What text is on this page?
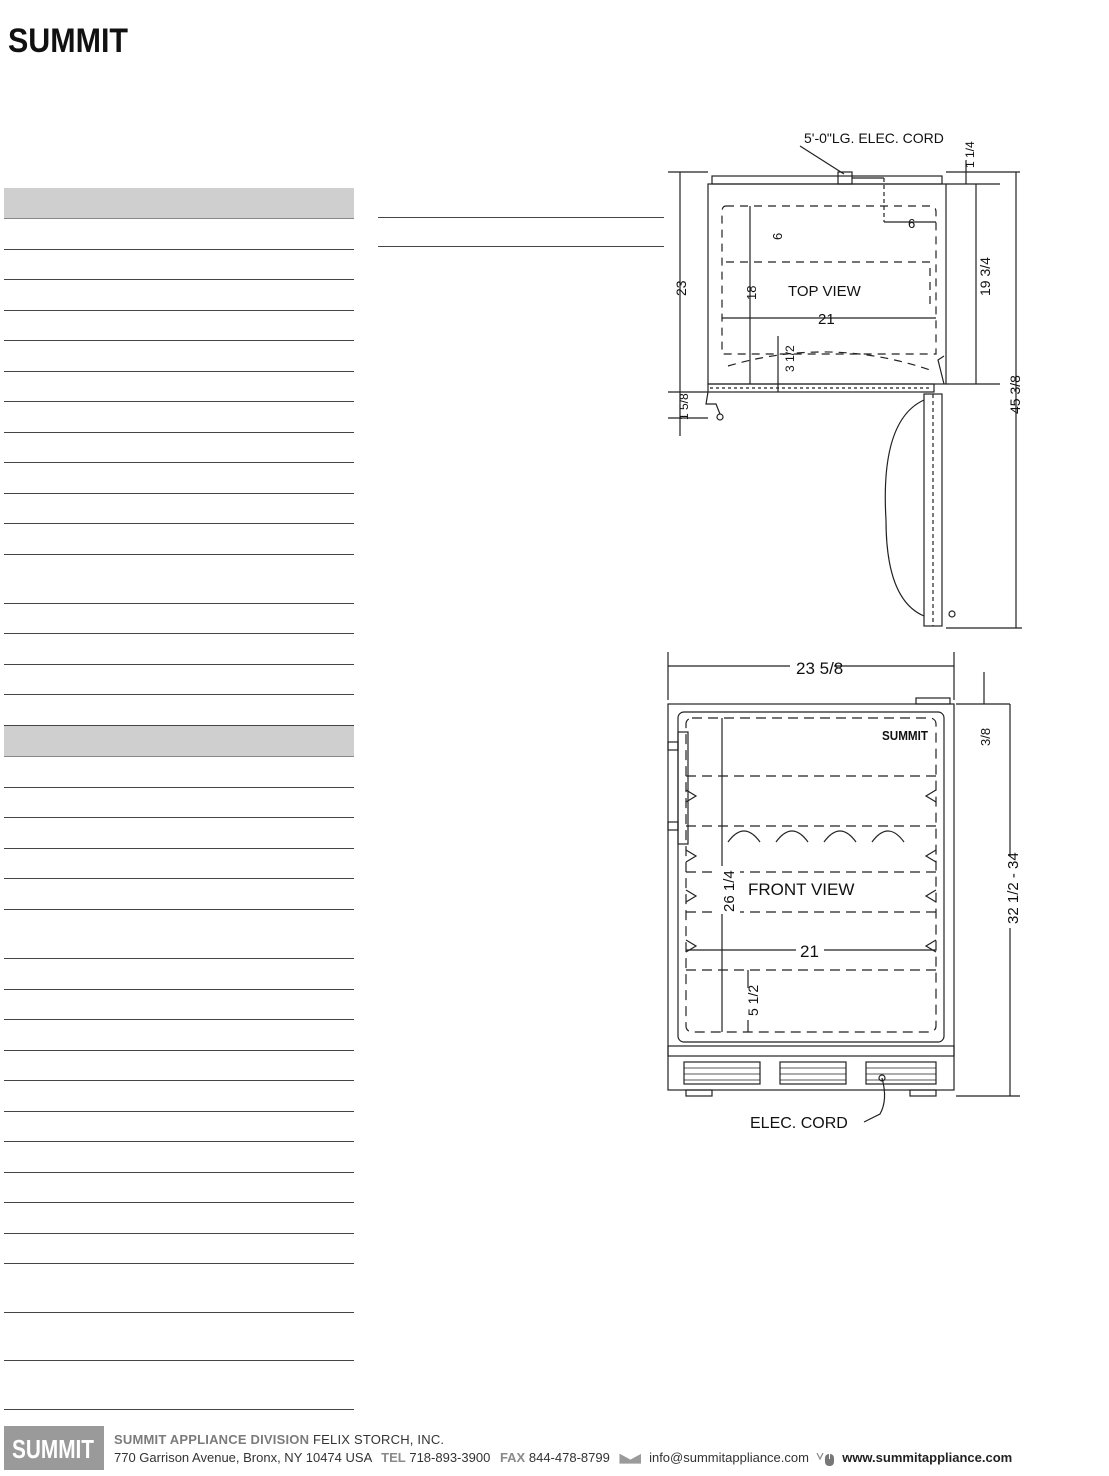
SUMMIT
5'-0"LG. ELEC. CORD
6
6
18 TOP VIEW
21
3 1/2
23
1 5/8
1 1/4
19 3/4
45 3/8
23 5/8
SUMMIT
26 1/4 FRONT VIEW
21
5 1/2
ELEC. CORD
3/8
32 1/2 - 34
SUMMIT SUMMIT APPLIANCE DIVISION FELIX STORCH, INC.
770 Garrison Avenue, Bronx, NY 10474 USA TEL 718-893-3900 FAX 844-478-8799	info@summitappliance.com	www.summitappliance.com
